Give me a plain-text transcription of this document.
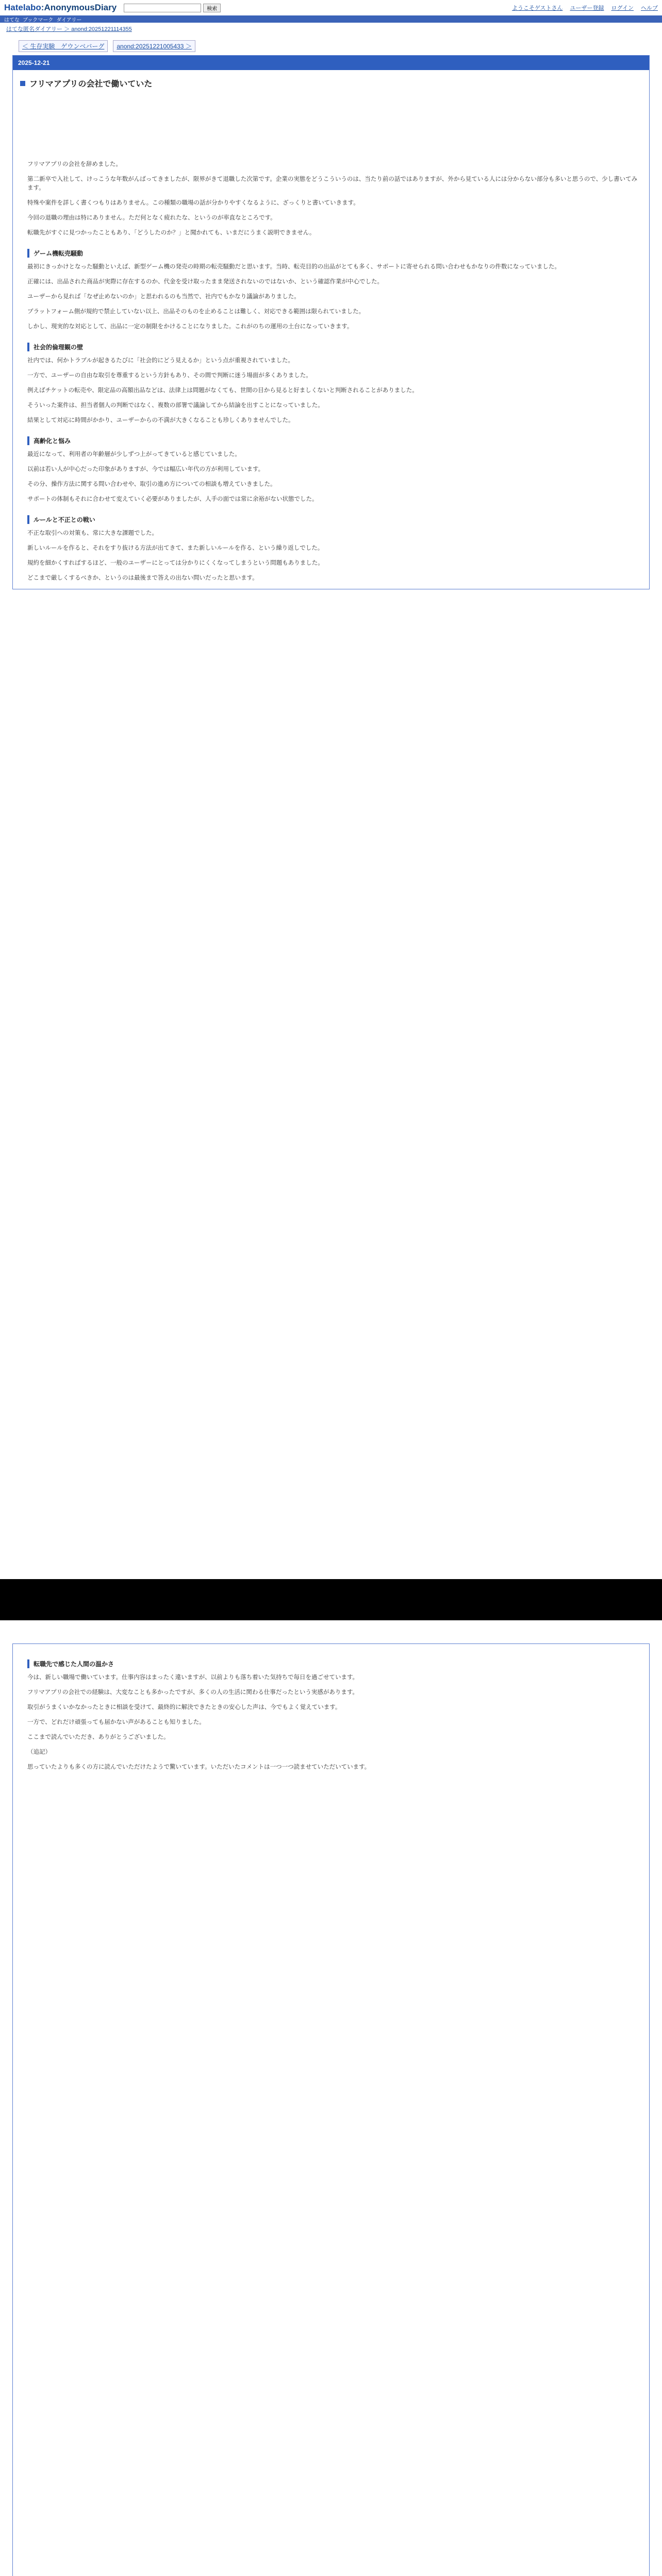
Hatelabo:AnonymousDiary	検索	ようこそゲストさん ユーザー登録 ログイン ヘルプ
はてな ブックマーク ダイアリー
はてな匿名ダイアリー ＞ anond:20251221114355
＜ 生存実験　ゲウンベバーグ	anond:20251221005433 ＞
2025-12-21
フリマアプリの会社で働いていた

フリマアプリの会社を辞めました。

第二新卒で入社して、けっこうな年数がんばってきましたが、限界がきて退職した次第です。企業の実態をどうこういうのは、当たり前の話ではありますが、外から見ている人には分からない部分も多いと思うので、少し書いてみます。

特殊や案件を詳しく書くつもりはありません。この種類の職場の話が分かりやすくなるように、ざっくりと書いていきます。

今回の退職の理由は特にありません。ただ何となく疲れたな、というのが率直なところです。

転職先がすぐに見つかったこともあり、「どうしたのか？」と聞かれても、いまだにうまく説明できません。

ゲーム機転売騒動

最初にきっかけとなった騒動といえば、新型ゲーム機の発売の時期の転売騒動だと思います。当時、転売目的の出品がとても多く、サポートに寄せられる問い合わせもかなりの件数になっていました。

正確には、出品された商品が実際に存在するのか、代金を受け取ったまま発送されないのではないか、という確認作業が中心でした。

ユーザーから見れば「なぜ止めないのか」と思われるのも当然で、社内でもかなり議論がありました。

プラットフォーム側が規約で禁止していない以上、出品そのものを止めることは難しく、対応できる範囲は限られていました。

しかし、現実的な対応として、出品に一定の制限をかけることになりました。これがのちの運用の土台になっていきます。

社会的倫理観の壁

社内では、何かトラブルが起きるたびに「社会的にどう見えるか」という点が重視されていました。

一方で、ユーザーの自由な取引を尊重するという方針もあり、その間で判断に迷う場面が多くありました。

例えばチケットの転売や、限定品の高額出品などは、法律上は問題がなくても、世間の目から見ると好ましくないと判断されることがありました。

そういった案件は、担当者個人の判断ではなく、複数の部署で議論してから結論を出すことになっていました。

結果として対応に時間がかかり、ユーザーからの不満が大きくなることも珍しくありませんでした。

高齢化と悩み

最近になって、利用者の年齢層が少しずつ上がってきていると感じていました。

以前は若い人が中心だった印象がありますが、今では幅広い年代の方が利用しています。

その分、操作方法に関する問い合わせや、取引の進め方についての相談も増えていきました。

サポートの体制もそれに合わせて変えていく必要がありましたが、人手の面では常に余裕がない状態でした。

ルールと不正との戦い

不正な取引への対策も、常に大きな課題でした。

新しいルールを作ると、それをすり抜ける方法が出てきて、また新しいルールを作る、という繰り返しでした。

規約を細かくすればするほど、一般のユーザーにとっては分かりにくくなってしまうという問題もありました。

どこまで厳しくするべきか、というのは最後まで答えの出ない問いだったと思います。

転職先で感じた人間の温かさ

今は、新しい職場で働いています。仕事内容はまったく違いますが、以前よりも落ち着いた気持ちで毎日を過ごせています。

フリマアプリの会社での経験は、大変なことも多かったですが、多くの人の生活に関わる仕事だったという実感があります。

取引がうまくいかなかったときに相談を受けて、最終的に解決できたときの安心した声は、今でもよく覚えています。

一方で、どれだけ頑張っても届かない声があることも知りました。

ここまで読んでいただき、ありがとうございました。

（追記）

思っていたよりも多くの方に読んでいただけたようで驚いています。いただいたコメントは一つ一つ読ませていただいています。
